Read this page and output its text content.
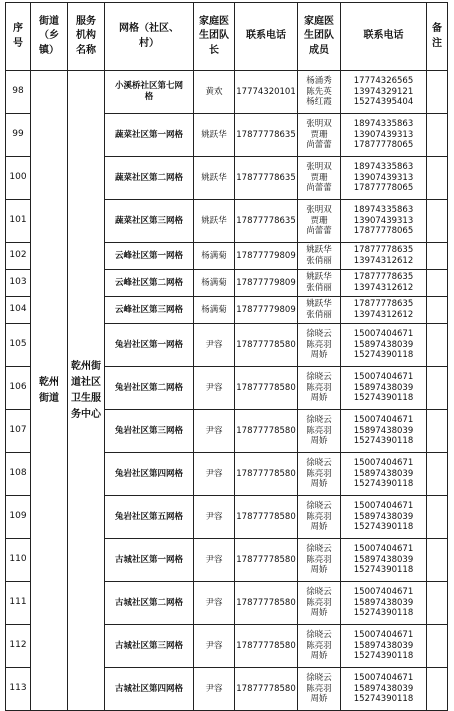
序
号	街道（乡
镇）	服务
机构
名称	网格（社区、
村）	家庭医
生团队
长	联系电话	家庭医
生团队
成员	联系电话	备
注
98	乾州
街道	乾州街
道社区
卫生服
务中心	小溪桥社区第七网
格	黄欢	17774320101	杨涌秀
陈先英
杨红霞	17774326565
13974329121
15274395404	

99			蔬菜社区第一网格	姚跃华	17877778635	张明双
贾珊
尚蕾蕾	18974335863
13907439313
17877778065	

100			蔬菜社区第二网格	姚跃华	17877778635	张明双
贾珊
尚蕾蕾	18974335863
13907439313
17877778065	

101			蔬菜社区第三网格	姚跃华	17877778635	张明双
贾珊
尚蕾蕾	18974335863
13907439313
17877778065	

102			云峰社区第一网格	杨满菊	17877779809	姚跃华
张俏丽	17877778635
13974312612	

103			云峰社区第二网格	杨满菊	17877779809	姚跃华
张俏丽	17877778635
13974312612	

104			云峰社区第三网格	杨满菊	17877779809	姚跃华
张俏丽	17877778635
13974312612	

105			兔岩社区第一网格	尹容	17877778580	徐晓云
陈亮羽
周娇	15007404671
15897438039
15274390118	

106			兔岩社区第二网格	尹容	17877778580	徐晓云
陈亮羽
周娇	15007404671
15897438039
15274390118	

107			兔岩社区第三网格	尹容	17877778580	徐晓云
陈亮羽
周娇	15007404671
15897438039
15274390118	

108			兔岩社区第四网格	尹容	17877778580	徐晓云
陈亮羽
周娇	15007404671
15897438039
15274390118	

109			兔岩社区第五网格	尹容	17877778580	徐晓云
陈亮羽
周娇	15007404671
15897438039
15274390118	

110			古城社区第一网格	尹容	17877778580	徐晓云
陈亮羽
周娇	15007404671
15897438039
15274390118	

111			古城社区第二网格	尹容	17877778580	徐晓云
陈亮羽
周娇	15007404671
15897438039
15274390118	

112			古城社区第三网格	尹容	17877778580	徐晓云
陈亮羽
周娇	15007404671
15897438039
15274390118	

113			古城社区第四网格	尹容	17877778580	徐晓云
陈亮羽
周娇	15007404671
15897438039
15274390118	
